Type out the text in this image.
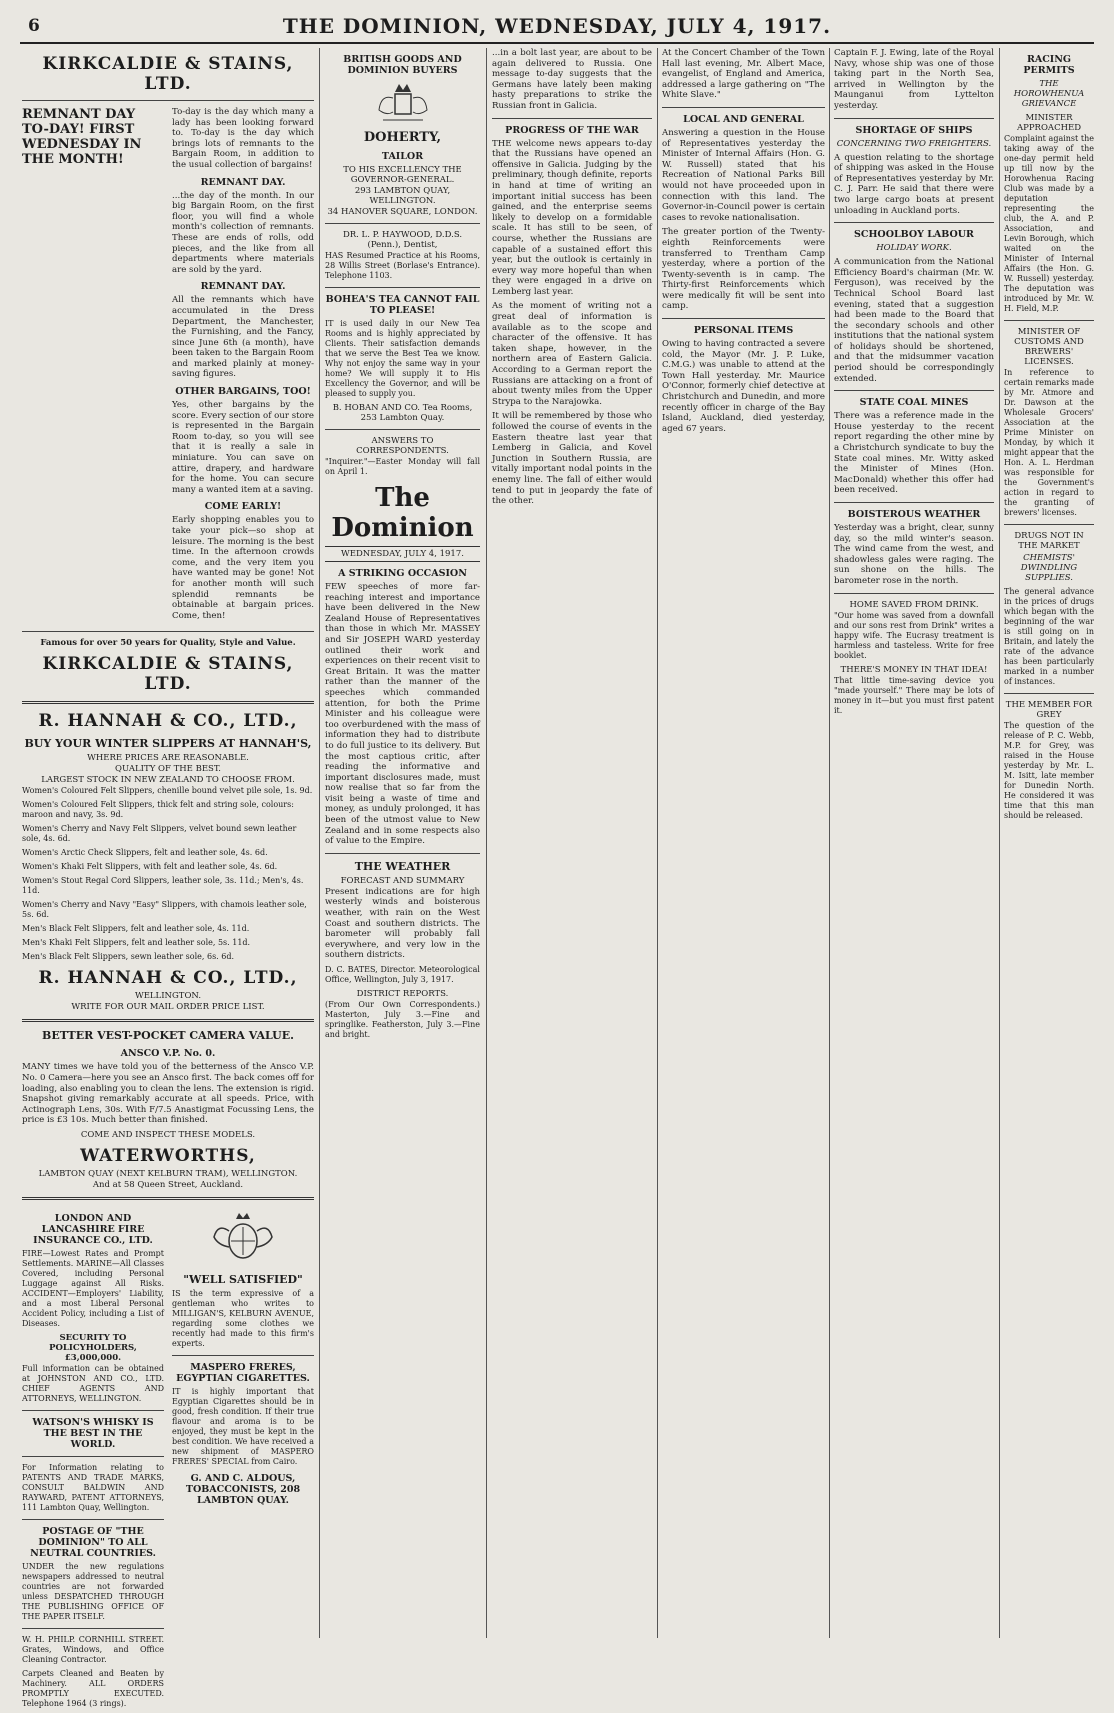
6	THE DOMINION, WEDNESDAY, JULY 4, 1917.
KIRKCALDIE & STAINS, LTD.
REMNANT DAY TO-DAY! FIRST WEDNESDAY IN THE MONTH!

To-day is the day which many a lady has been looking forward to. To-day is the day which brings lots of remnants to the Bargain Room, in addition to the usual collection of bargains!

REMNANT DAY.

...the day of the month. In our big Bargain Room, on the first floor, you will find a whole month's collection of remnants. These are ends of rolls, odd pieces, and the like from all departments where materials are sold by the yard.

REMNANT DAY.

All the remnants which have accumulated in the Dress Department, the Manchester, the Furnishing, and the Fancy, since June 6th (a month), have been taken to the Bargain Room and marked plainly at money-saving figures.

OTHER BARGAINS, TOO!

Yes, other bargains by the score. Every section of our store is represented in the Bargain Room to-day, so you will see that it is really a sale in miniature. You can save on attire, drapery, and hardware for the home. You can secure many a wanted item at a saving.

COME EARLY!

Early shopping enables you to take your pick—so shop at leisure. The morning is the best time. In the afternoon crowds come, and the very item you have wanted may be gone! Not for another month will such splendid remnants be obtainable at bargain prices. Come, then!

Famous for over 50 years for Quality, Style and Value.
KIRKCALDIE & STAINS, LTD.
R. HANNAH & CO., LTD.,
BUY YOUR WINTER SLIPPERS AT HANNAH'S,
WHERE PRICES ARE REASONABLE.
QUALITY OF THE BEST.
LARGEST STOCK IN NEW ZEALAND TO CHOOSE FROM.

Women's Coloured Felt Slippers, chenille bound velvet pile sole, 1s. 9d.

Women's Coloured Felt Slippers, thick felt and string sole, colours: maroon and navy, 3s. 9d.

Women's Cherry and Navy Felt Slippers, velvet bound sewn leather sole, 4s. 6d.

Women's Arctic Check Slippers, felt and leather sole, 4s. 6d.

Women's Khaki Felt Slippers, with felt and leather sole, 4s. 6d.

Women's Stout Regal Cord Slippers, leather sole, 3s. 11d.; Men's, 4s. 11d.

Women's Cherry and Navy "Easy" Slippers, with chamois leather sole, 5s. 6d.

Men's Black Felt Slippers, felt and leather sole, 4s. 11d.

Men's Khaki Felt Slippers, felt and leather sole, 5s. 11d.

Men's Black Felt Slippers, sewn leather sole, 6s. 6d.

R. HANNAH & CO., LTD.,
WELLINGTON.
WRITE FOR OUR MAIL ORDER PRICE LIST.
BETTER VEST-POCKET CAMERA VALUE.
ANSCO V.P. No. 0.

MANY times we have told you of the betterness of the Ansco V.P. No. 0 Camera—here you see an Ansco first. The back comes off for loading, also enabling you to clean the lens. The extension is rigid. Snapshot giving remarkably accurate at all speeds. Price, with Actinograph Lens, 30s. With F/7.5 Anastigmat Focussing Lens, the price is £3 10s. Much better than finished.

COME AND INSPECT THESE MODELS.
WATERWORTHS,
LAMBTON QUAY (NEXT KELBURN TRAM), WELLINGTON.
And at 58 Queen Street, Auckland.
LONDON AND LANCASHIRE FIRE INSURANCE CO., LTD.

FIRE—Lowest Rates and Prompt Settlements. MARINE—All Classes Covered, including Personal Luggage against All Risks. ACCIDENT—Employers' Liability, and a most Liberal Personal Accident Policy, including a List of Diseases.

SECURITY TO POLICYHOLDERS, £3,000,000.

Full information can be obtained at JOHNSTON AND CO., LTD. CHIEF AGENTS AND ATTORNEYS, WELLINGTON.

WATSON'S WHISKY IS THE BEST IN THE WORLD.

For Information relating to PATENTS AND TRADE MARKS, CONSULT BALDWIN AND RAYWARD, PATENT ATTORNEYS, 111 Lambton Quay, Wellington.

POSTAGE OF "THE DOMINION" TO ALL NEUTRAL COUNTRIES.

UNDER the new regulations newspapers addressed to neutral countries are not forwarded unless DESPATCHED THROUGH THE PUBLISHING OFFICE OF THE PAPER ITSELF.

W. H. PHILP. CORNHILL STREET. Grates, Windows, and Office Cleaning Contractor.

Carpets Cleaned and Beaten by Machinery. ALL ORDERS PROMPTLY EXECUTED. Telephone 1964 (3 rings).

"WELL SATISFIED"

IS the term expressive of a gentleman who writes to MILLIGAN'S, KELBURN AVENUE, regarding some clothes we recently had made to this firm's experts.

MASPERO FRERES, EGYPTIAN CIGARETTES.

IT is highly important that Egyptian Cigarettes should be in good, fresh condition. If their true flavour and aroma is to be enjoyed, they must be kept in the best condition. We have received a new shipment of MASPERO FRERES' SPECIAL from Cairo.

G. AND C. ALDOUS, TOBACCONISTS, 208 LAMBTON QUAY.
BRITISH GOODS AND DOMINION BUYERS
DOHERTY,
TAILOR
TO HIS EXCELLENCY THE GOVERNOR-GENERAL.
293 LAMBTON QUAY, WELLINGTON.
34 HANOVER SQUARE, LONDON.
DR. L. P. HAYWOOD, D.D.S. (Penn.), Dentist,

HAS Resumed Practice at his Rooms, 28 Willis Street (Borlase's Entrance). Telephone 1103.

BOHEA'S TEA CANNOT FAIL TO PLEASE!

IT is used daily in our New Tea Rooms and is highly appreciated by Clients. Their satisfaction demands that we serve the Best Tea we know. Why not enjoy the same way in your home? We will supply it to His Excellency the Governor, and will be pleased to supply you.

B. HOBAN AND CO. Tea Rooms, 253 Lambton Quay.
ANSWERS TO CORRESPONDENTS.

"Inquirer."—Easter Monday will fall on April 1.

The Dominion
WEDNESDAY, JULY 4, 1917.
A STRIKING OCCASION

FEW speeches of more far-reaching interest and importance have been delivered in the New Zealand House of Representatives than those in which Mr. MASSEY and Sir JOSEPH WARD yesterday outlined their work and experiences on their recent visit to Great Britain. It was the matter rather than the manner of the speeches which commanded attention, for both the Prime Minister and his colleague were too overburdened with the mass of information they had to distribute to do full justice to its delivery. But the most captious critic, after reading the informative and important disclosures made, must now realise that so far from the visit being a waste of time and money, as unduly prolonged, it has been of the utmost value to New Zealand and in some respects also of value to the Empire.

THE WEATHER
FORECAST AND SUMMARY

Present indications are for high westerly winds and boisterous weather, with rain on the West Coast and southern districts. The barometer will probably fall everywhere, and very low in the southern districts.

D. C. BATES, Director. Meteorological Office, Wellington, July 3, 1917.

DISTRICT REPORTS.

(From Our Own Correspondents.) Masterton, July 3.—Fine and springlike. Featherston, July 3.—Fine and bright.

...in a bolt last year, are about to be again delivered to Russia. One message to-day suggests that the Germans have lately been making hasty preparations to strike the Russian front in Galicia.

PROGRESS OF THE WAR

THE welcome news appears to-day that the Russians have opened an offensive in Galicia. Judging by the preliminary, though definite, reports in hand at time of writing an important initial success has been gained, and the enterprise seems likely to develop on a formidable scale. It has still to be seen, of course, whether the Russians are capable of a sustained effort this year, but the outlook is certainly in every way more hopeful than when they were engaged in a drive on Lemberg last year.

As the moment of writing not a great deal of information is available as to the scope and character of the offensive. It has taken shape, however, in the northern area of Eastern Galicia. According to a German report the Russians are attacking on a front of about twenty miles from the Upper Strypa to the Narajowka.

It will be remembered by those who followed the course of events in the Eastern theatre last year that Lemberg in Galicia, and Kovel Junction in Southern Russia, are vitally important nodal points in the enemy line. The fall of either would tend to put in jeopardy the fate of the other.

At the Concert Chamber of the Town Hall last evening, Mr. Albert Mace, evangelist, of England and America, addressed a large gathering on "The White Slave."

LOCAL AND GENERAL

Answering a question in the House of Representatives yesterday the Minister of Internal Affairs (Hon. G. W. Russell) stated that his Recreation of National Parks Bill would not have proceeded upon in connection with this land. The Governor-in-Council power is certain cases to revoke nationalisation.

The greater portion of the Twenty-eighth Reinforcements were transferred to Trentham Camp yesterday, where a portion of the Twenty-seventh is in camp. The Thirty-first Reinforcements which were medically fit will be sent into camp.

PERSONAL ITEMS

Owing to having contracted a severe cold, the Mayor (Mr. J. P. Luke, C.M.G.) was unable to attend at the Town Hall yesterday. Mr. Maurice O'Connor, formerly chief detective at Christchurch and Dunedin, and more recently officer in charge of the Bay Island, Auckland, died yesterday, aged 67 years.

Captain F. J. Ewing, late of the Royal Navy, whose ship was one of those taking part in the North Sea, arrived in Wellington by the Maunganui from Lyttelton yesterday.

SHORTAGE OF SHIPS
CONCERNING TWO FREIGHTERS.

A question relating to the shortage of shipping was asked in the House of Representatives yesterday by Mr. C. J. Parr. He said that there were two large cargo boats at present unloading in Auckland ports.

SCHOOLBOY LABOUR
HOLIDAY WORK.

A communication from the National Efficiency Board's chairman (Mr. W. Ferguson), was received by the Technical School Board last evening, stated that a suggestion had been made to the Board that the secondary schools and other institutions that the national system of holidays should be shortened, and that the midsummer vacation period should be correspondingly extended.

STATE COAL MINES

There was a reference made in the House yesterday to the recent report regarding the other mine by a Christchurch syndicate to buy the State coal mines. Mr. Witty asked the Minister of Mines (Hon. MacDonald) whether this offer had been received.

BOISTEROUS WEATHER

Yesterday was a bright, clear, sunny day, so the mild winter's season. The wind came from the west, and shadowless gales were raging. The sun shone on the hills. The barometer rose in the north.

HOME SAVED FROM DRINK.

"Our home was saved from a downfall and our sons rest from Drink" writes a happy wife. The Eucrasy treatment is harmless and tasteless. Write for free booklet.

THERE'S MONEY IN THAT IDEA!

That little time-saving device you "made yourself." There may be lots of money in it—but you must first patent it.

RACING PERMITS
THE HOROWHENUA GRIEVANCE
MINISTER APPROACHED

Complaint against the taking away of the one-day permit held up till now by the Horowhenua Racing Club was made by a deputation representing the club, the A. and P. Association, and Levin Borough, which waited on the Minister of Internal Affairs (the Hon. G. W. Russell) yesterday. The deputation was introduced by Mr. W. H. Field, M.P.

MINISTER OF CUSTOMS AND BREWERS' LICENSES.

In reference to certain remarks made by Mr. Atmore and Dr. Dawson at the Wholesale Grocers' Association at the Prime Minister on Monday, by which it might appear that the Hon. A. L. Herdman was responsible for the Government's action in regard to the granting of brewers' licenses.

DRUGS NOT IN THE MARKET
CHEMISTS' DWINDLING SUPPLIES.

The general advance in the prices of drugs which began with the beginning of the war is still going on in Britain, and lately the rate of the advance has been particularly marked in a number of instances.

THE MEMBER FOR GREY

The question of the release of P. C. Webb, M.P. for Grey, was raised in the House yesterday by Mr. L. M. Isitt, late member for Dunedin North. He considered it was time that this man should be released.
